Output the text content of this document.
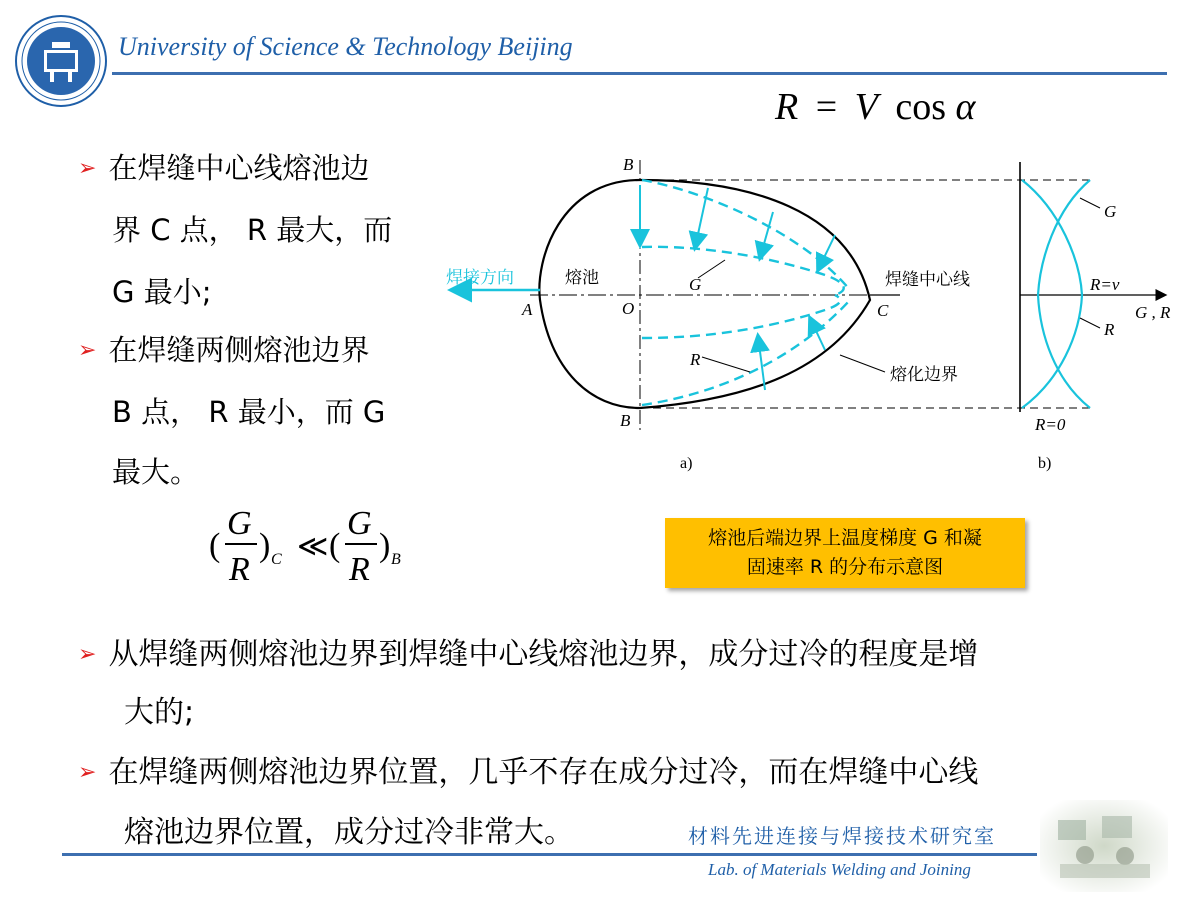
University of Science & Technology Beijing
R = V cos α
➢ 在焊缝中心线熔池边
界 C 点， R 最大，而
G 最小;
➢ 在焊缝两侧熔池边界
B 点， R 最小，而 G
最大。
(
G
R
) C ≪ (
G
R
) B
B
B
A	O	C
G
R
G
R=v
R
G , R
R=0
焊接方向	熔池	焊缝中心线
熔化边界
a)	b)
熔池后端边界上温度梯度 G 和凝
固速率 R 的分布示意图
➢ 从焊缝两侧熔池边界到焊缝中心线熔池边界，成分过冷的程度是增
大的;
➢ 在焊缝两侧熔池边界位置，几乎不存在成分过冷，而在焊缝中心线
熔池边界位置，成分过冷非常大。	材料先进连接与焊接技术研究室
Lab. of Materials Welding and Joining
